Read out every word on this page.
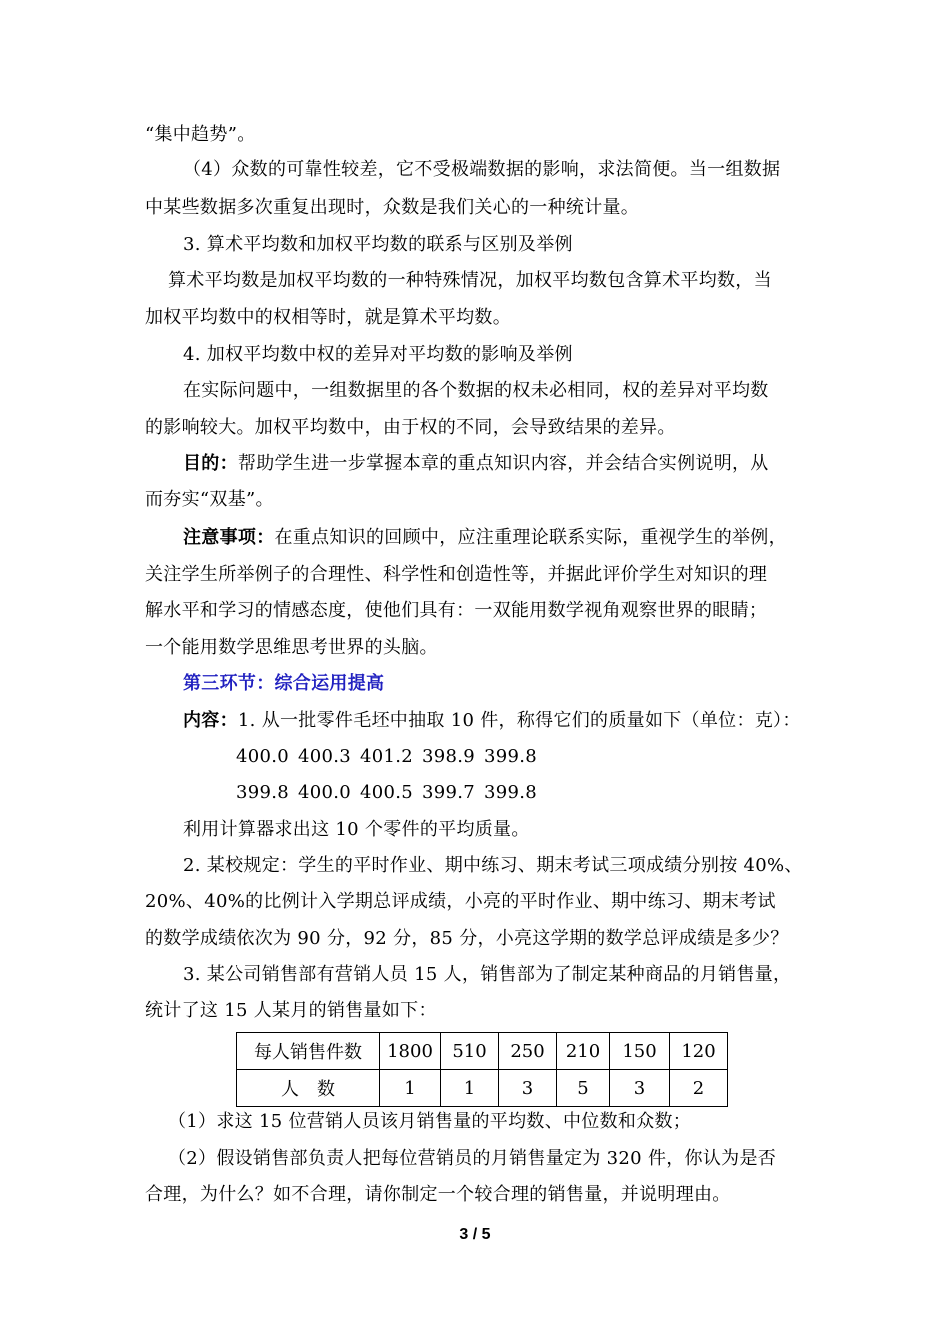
“集中趋势”。

（4）众数的可靠性较差，它不受极端数据的影响，求法简便。当一组数据

中某些数据多次重复出现时，众数是我们关心的一种统计量。

3. 算术平均数和加权平均数的联系与区别及举例

算术平均数是加权平均数的一种特殊情况，加权平均数包含算术平均数，当

加权平均数中的权相等时，就是算术平均数。

4. 加权平均数中权的差异对平均数的影响及举例

在实际问题中，一组数据里的各个数据的权未必相同，权的差异对平均数

的影响较大。加权平均数中，由于权的不同，会导致结果的差异。

目的：帮助学生进一步掌握本章的重点知识内容，并会结合实例说明，从

而夯实“双基”。

注意事项：在重点知识的回顾中，应注重理论联系实际，重视学生的举例，

关注学生所举例子的合理性、科学性和创造性等，并据此评价学生对知识的理

解水平和学习的情感态度，使他们具有：一双能用数学视角观察世界的眼睛；

一个能用数学思维思考世界的头脑。

第三环节：综合运用提高

内容：1. 从一批零件毛坯中抽取 10 件，称得它们的质量如下（单位：克）：

400.0 400.3 401.2 398.9 399.8

399.8 400.0 400.5 399.7 399.8

利用计算器求出这 10 个零件的平均质量。

2. 某校规定：学生的平时作业、期中练习、期末考试三项成绩分别按 40%、

20%、40%的比例计入学期总评成绩，小亮的平时作业、期中练习、期末考试

的数学成绩依次为 90 分，92 分，85 分，小亮这学期的数学总评成绩是多少？

3. 某公司销售部有营销人员 15 人，销售部为了制定某种商品的月销售量，

统计了这 15 人某月的销售量如下：

每人销售件数	1800	510	250	210	150	120
人　数	1	1	3	5	3	2

（1）求这 15 位营销人员该月销售量的平均数、中位数和众数；

（2）假设销售部负责人把每位营销员的月销售量定为 320 件，你认为是否

合理，为什么？如不合理，请你制定一个较合理的销售量，并说明理由。

3 / 5
